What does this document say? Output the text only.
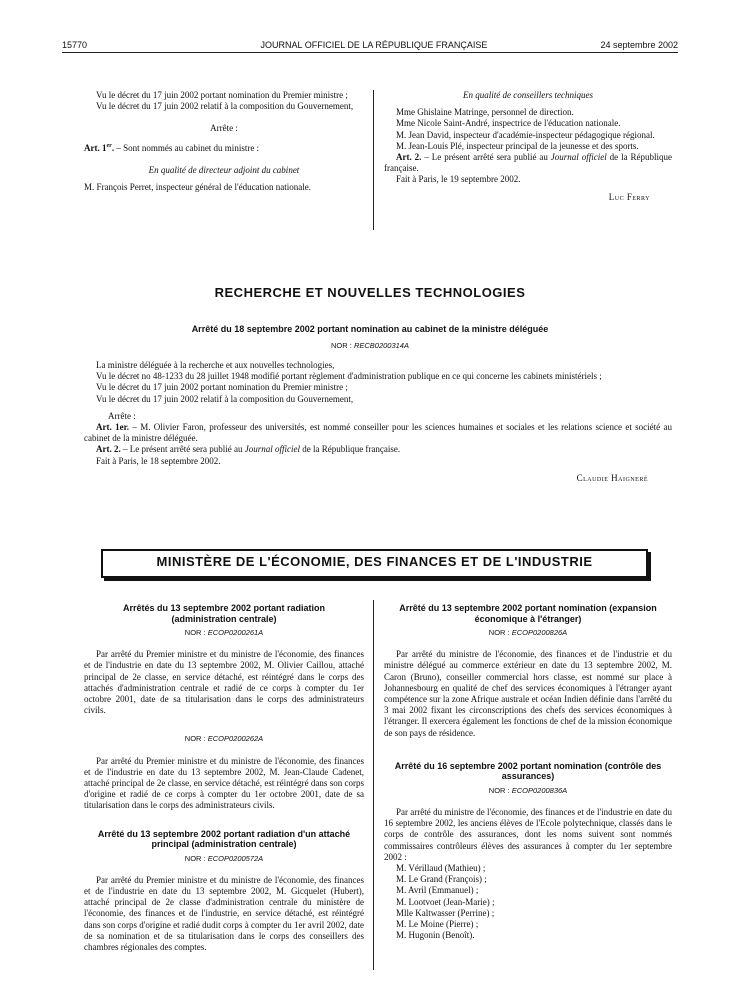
15770	JOURNAL OFFICIEL DE LA RÉPUBLIQUE FRANÇAISE	24 septembre 2002

Vu le décret du 17 juin 2002 portant nomination du Premier ministre ;

Vu le décret du 17 juin 2002 relatif à la composition du Gouvernement,

Arrête :

Art. 1er. – Sont nommés au cabinet du ministre :

En qualité de directeur adjoint du cabinet

M. François Perret, inspecteur général de l'éducation nationale.

En qualité de conseillers techniques

Mme Ghislaine Matringe, personnel de direction.

Mme Nicole Saint-André, inspectrice de l'éducation nationale.

M. Jean David, inspecteur d'académie-inspecteur pédagogique régional.

M. Jean-Louis Plé, inspecteur principal de la jeunesse et des sports.

Art. 2. – Le présent arrêté sera publié au Journal officiel de la République française.

Fait à Paris, le 19 septembre 2002.

Luc Ferry

RECHERCHE ET NOUVELLES TECHNOLOGIES
Arrêté du 18 septembre 2002 portant nomination au cabinet de la ministre déléguée
NOR : RECB0200314A

La ministre déléguée à la recherche et aux nouvelles technologies,

Vu le décret no 48-1233 du 28 juillet 1948 modifié portant règlement d'administration publique en ce qui concerne les cabinets ministériels ;

Vu le décret du 17 juin 2002 portant nomination du Premier ministre ;

Vu le décret du 17 juin 2002 relatif à la composition du Gouvernement,

Arrête :

Art. 1er. – M. Olivier Faron, professeur des universités, est nommé conseiller pour les sciences humaines et sociales et les relations science et société au cabinet de la ministre déléguée.

Art. 2. – Le présent arrêté sera publié au Journal officiel de la République française.

Fait à Paris, le 18 septembre 2002.

Claudie Haigneré

MINISTÈRE DE L'ÉCONOMIE, DES FINANCES ET DE L'INDUSTRIE
Arrêtés du 13 septembre 2002 portant radiation (administration centrale)
NOR : ECOP0200261A

Par arrêté du Premier ministre et du ministre de l'économie, des finances et de l'industrie en date du 13 septembre 2002, M. Olivier Caillou, attaché principal de 2e classe, en service détaché, est réintégré dans le corps des attachés d'administration centrale et radié de ce corps à compter du 1er octobre 2001, date de sa titularisation dans le corps des administrateurs civils.

NOR : ECOP0200262A

Par arrêté du Premier ministre et du ministre de l'économie, des finances et de l'industrie en date du 13 septembre 2002, M. Jean-Claude Cadenet, attaché principal de 2e classe, en service détaché, est réintégré dans son corps d'origine et radié de ce corps à compter du 1er octobre 2001, date de sa titularisation dans le corps des administrateurs civils.

Arrêté du 13 septembre 2002 portant radiation d'un attaché principal (administration centrale)
NOR : ECOP0200572A

Par arrêté du Premier ministre et du ministre de l'économie, des finances et de l'industrie en date du 13 septembre 2002, M. Gicquelet (Hubert), attaché principal de 2e classe d'administration centrale du ministère de l'économie, des finances et de l'industrie, en service détaché, est réintégré dans son corps d'origine et radié dudit corps à compter du 1er avril 2002, date de sa nomination et de sa titularisation dans le corps des conseillers des chambres régionales des comptes.

Arrêté du 13 septembre 2002 portant nomination (expansion économique à l'étranger)
NOR : ECOP0200826A

Par arrêté du ministre de l'économie, des finances et de l'industrie et du ministre délégué au commerce extérieur en date du 13 septembre 2002, M. Caron (Bruno), conseiller commercial hors classe, est nommé sur place à Johannesbourg en qualité de chef des services économiques à l'étranger ayant compétence sur la zone Afrique australe et océan Indien définie dans l'arrêté du 3 mai 2002 fixant les circonscriptions des chefs des services économiques à l'étranger. Il exercera également les fonctions de chef de la mission économique de son pays de résidence.

Arrêté du 16 septembre 2002 portant nomination (contrôle des assurances)
NOR : ECOP0200836A

Par arrêté du ministre de l'économie, des finances et de l'industrie en date du 16 septembre 2002, les anciens élèves de l'Ecole polytechnique, classés dans le corps de contrôle des assurances, dont les noms suivent sont nommés commissaires contrôleurs élèves des assurances à compter du 1er septembre 2002 :

M. Vérillaud (Mathieu) ;

M. Le Grand (François) ;

M. Avril (Emmanuel) ;

M. Lootvoet (Jean-Marie) ;

Mlle Kaltwasser (Perrine) ;

M. Le Moine (Pierre) ;

M. Hugonin (Benoît).
